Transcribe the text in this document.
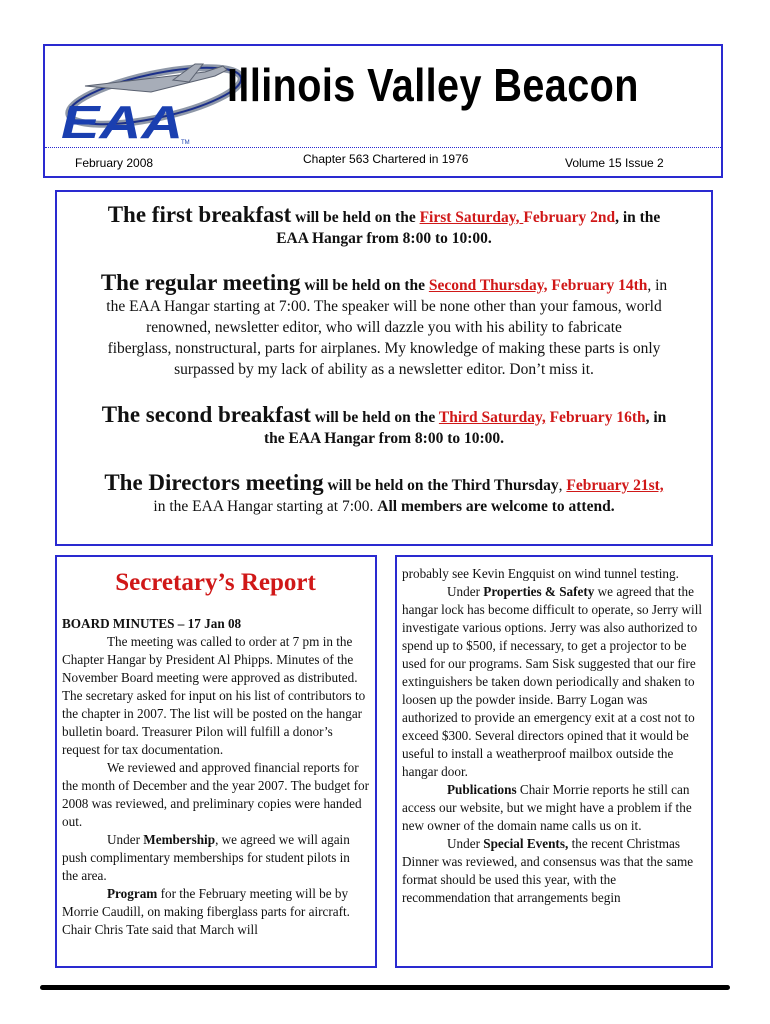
EAA
TM
Illinois Valley Beacon
February 2008	Chapter 563 Chartered in 1976	Volume 15 Issue 2
The first breakfast will be held on the First Saturday, February 2nd, in the
EAA Hangar from 8:00 to 10:00.
The regular meeting will be held on the Second Thursday, February 14th, in
the EAA Hangar starting at 7:00. The speaker will be none other than your famous, world
renowned, newsletter editor, who will dazzle you with his ability to fabricate
fiberglass, nonstructural, parts for airplanes. My knowledge of making these parts is only
surpassed by my lack of ability as a newsletter editor. Don’t miss it.
The second breakfast will be held on the Third Saturday, February 16th, in
the EAA Hangar from 8:00 to 10:00.
The Directors meeting will be held on the Third Thursday, February 21st,
in the EAA Hangar starting at 7:00. All members are welcome to attend.
Secretary’s Report
BOARD MINUTES – 17 Jan 08

The meeting was called to order at 7 pm in the Chapter Hangar by President Al Phipps. Minutes of the November Board meeting were approved as distributed. The secretary asked for input on his list of contributors to the chapter in 2007. The list will be posted on the hangar bulletin board. Treasurer Pilon will fulfill a donor’s request for tax documentation.

We reviewed and approved financial reports for the month of December and the year 2007. The budget for 2008 was reviewed, and preliminary copies were handed out.

Under Membership, we agreed we will again push complimentary memberships for student pilots in the area.

Program for the February meeting will be by Morrie Caudill, on making fiberglass parts for aircraft. Chair Chris Tate said that March will

probably see Kevin Engquist on wind tunnel testing.

Under Properties & Safety we agreed that the hangar lock has become difficult to operate, so Jerry will investigate various options. Jerry was also authorized to spend up to $500, if necessary, to get a projector to be used for our programs. Sam Sisk suggested that our fire extinguishers be taken down periodically and shaken to loosen up the powder inside. Barry Logan was authorized to provide an emergency exit at a cost not to exceed $300. Several directors opined that it would be useful to install a weatherproof mailbox outside the hangar door.

Publications Chair Morrie reports he still can access our website, but we might have a problem if the new owner of the domain name calls us on it.

Under Special Events, the recent Christmas Dinner was reviewed, and consensus was that the same format should be used this year, with the recommendation that arrangements begin
